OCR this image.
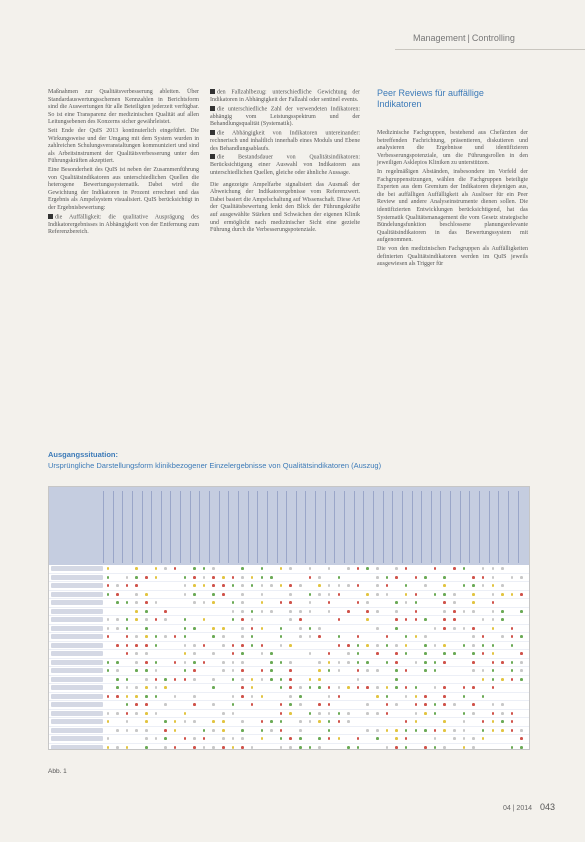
Management | Controlling

Maßnahmen zur Qualitätsverbesserung ableiten. Über Standardauswertungsschemen Kennzahlen in Berichtsform sind die Auswertungen für alle Beteiligten jederzeit verfügbar. So ist eine Transparenz der medizinischen Qualität auf allen Leitungsebenen des Konzerns sicher gewährleistet.

Seit Ende der QuIS 2013 kontinuierlich eingeführt. Die Wirkungsweise und der Umgang mit dem System wurden in zahlreichen Schulungsveranstaltungen kommuniziert und sind als Arbeitsinstrument der Qualitätsverbesserung unter den Führungskräften akzeptiert.

Eine Besonderheit des QuIS ist neben der Zusammenführung von Qualitätsindikatoren aus unterschiedlichen Quellen die heterogene Bewertungssystematik. Dabei wird die Gewichtung der Indikatoren in Prozent errechnet und das Ergebnis als Ampelsystem visualisiert. QuIS berücksichtigt in der Ergebnisbewertung:

die Auffälligkeit: die qualitative Ausprägung des Indikatorergebnisses in Abhängigkeit von der Entfernung zum Referenzbereich.

den Fallzahlbezug: unterschiedliche Gewichtung der Indikatoren in Abhängigkeit der Fallzahl oder sentinel events.

die unterschiedliche Zahl der verwendeten Indikatoren: abhängig vom Leistungsspektrum und der Behandlungsqualität (Systematik).

die Abhängigkeit von Indikatoren untereinander: rechnerisch und inhaltlich innerhalb eines Moduls und Ebene des Behandlungsablaufs.

die Bestandsdauer von Qualitätsindikatoren: Berücksichtigung einer Auswahl von Indikatoren aus unterschiedlichen Quellen, gleiche oder ähnliche Aussage.

Die angezeigte Ampelfarbe signalisiert das Ausmaß der Abweichung der Indikatorergebnisse vom Referenzwert. Dabei basiert die Ampelschaltung auf Wissenschaft. Diese Art der Qualitätsbewertung lenkt den Blick der Führungskräfte auf ausgewählte Stärken und Schwächen der eigenen Klinik und ermöglicht nach medizinischer Sicht eine gezielte Führung durch die Verbesserungspotenziale.

Peer Reviews für auffällige Indikatoren

Medizinische Fachgruppen, bestehend aus Chefärzten der betreffenden Fachrichtung, präsentieren, diskutieren und analysieren die Ergebnisse und identifizieren Verbesserungspotenziale, um die Führungsrollen in den jeweiligen Asklepios Kliniken zu unterstützen.

In regelmäßigen Abständen, insbesondere im Vorfeld der Fachgruppensitzungen, wählen die Fachgruppen beteiligte Experten aus dem Gremium der Indikatoren diejenigen aus, die bei auffälligen Auffälligkeit als Auslöser für ein Peer Review und andere Analyseinstrumente dienen sollen. Die identifizierten Entwicklungen berücksichtigend, hat das Systematik Qualitätsmanagement die vom Gesetz strategische Bündelungsfunktion beschlossene planungsrelevante Qualitätsindikatoren in das Bewertungssystem mit aufgenommen.

Die von den medizinischen Fachgruppen als Auffälligkeiten definierten Qualitätsindikatoren werden im QuIS jeweils ausgewiesen als Trigger für

Ausgangssituation:
Ursprüngliche Darstellungsform klinikbezogener Einzelergebnisse von Qualitätsindikatoren (Auszug)
Abb. 1
04 | 2014 043
